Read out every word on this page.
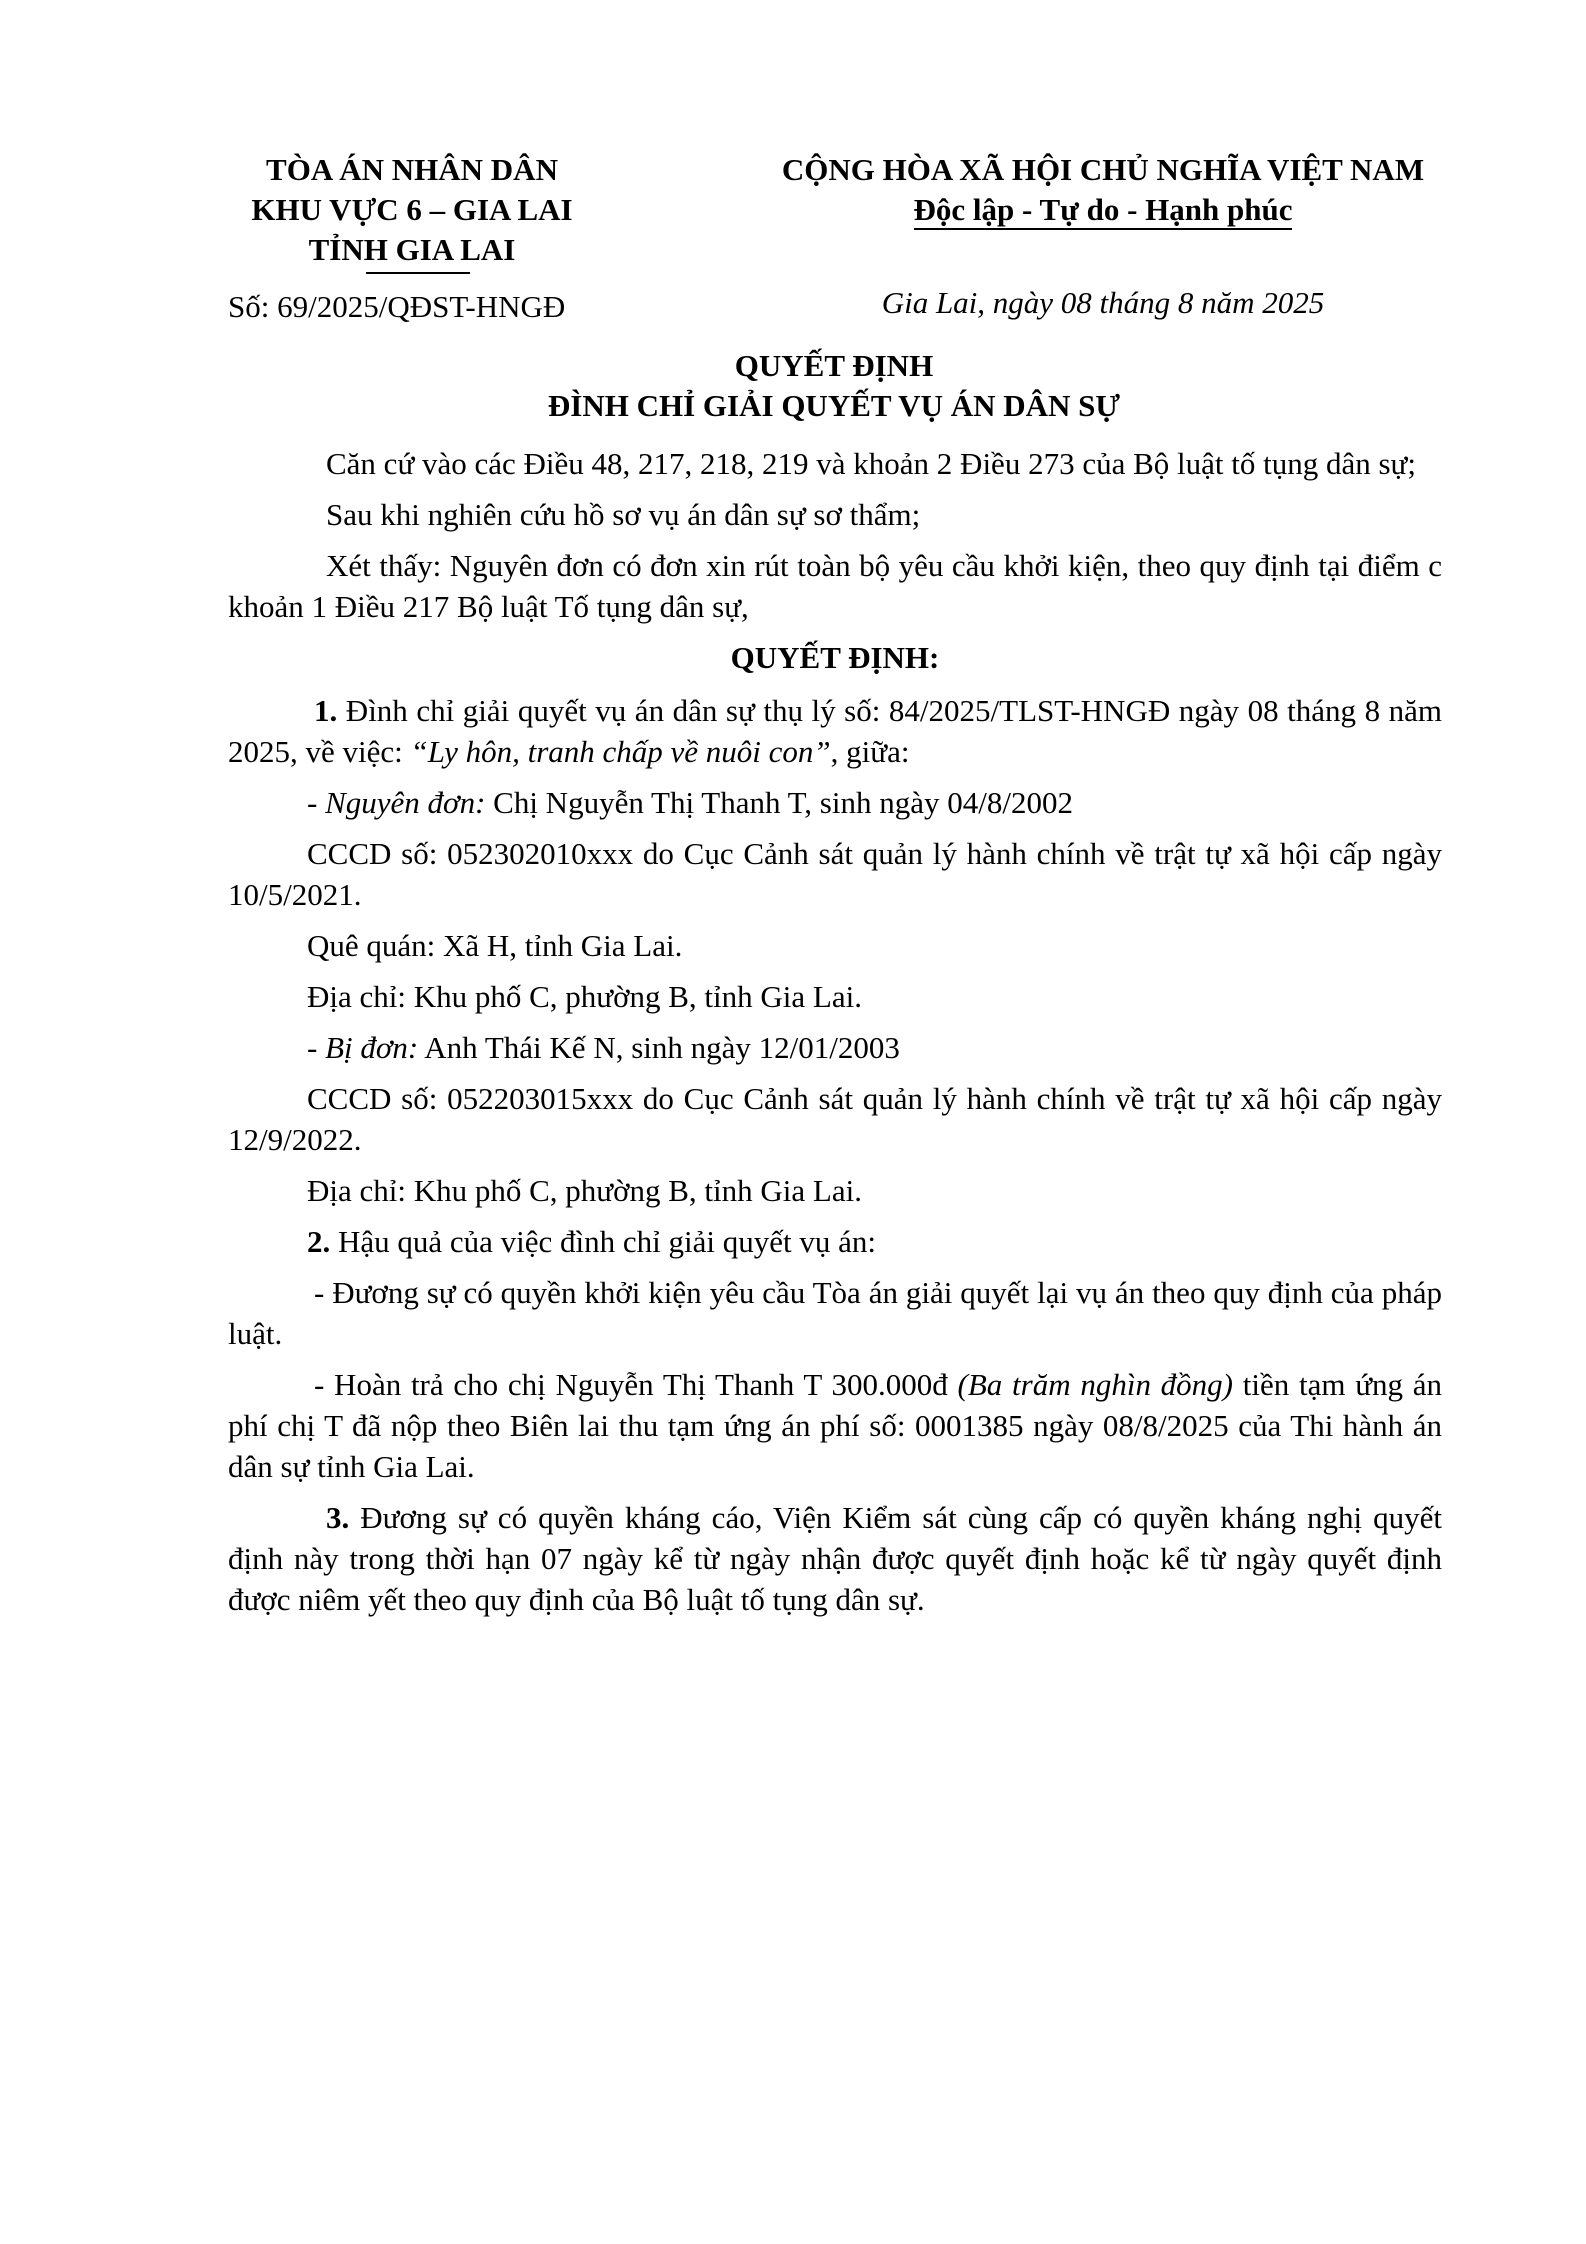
TÒA ÁN NHÂN DÂN
KHU VỰC 6 – GIA LAI
TỈNH GIA LAI
CỘNG HÒA XÃ HỘI CHỦ NGHĨA VIỆT NAM
Độc lập - Tự do - Hạnh phúc
Số: 69/2025/QĐST-HNGĐ	Gia Lai, ngày 08 tháng 8 năm 2025
QUYẾT ĐỊNH
ĐÌNH CHỈ GIẢI QUYẾT VỤ ÁN DÂN SỰ

Căn cứ vào các Điều 48, 217, 218, 219 và khoản 2 Điều 273 của Bộ luật tố tụng dân sự;

Sau khi nghiên cứu hồ sơ vụ án dân sự sơ thẩm;

Xét thấy: Nguyên đơn có đơn xin rút toàn bộ yêu cầu khởi kiện, theo quy định tại điểm c khoản 1 Điều 217 Bộ luật Tố tụng dân sự,

QUYẾT ĐỊNH:

1. Đình chỉ giải quyết vụ án dân sự thụ lý số: 84/2025/TLST-HNGĐ ngày 08 tháng 8 năm 2025, về việc: “Ly hôn, tranh chấp về nuôi con”, giữa:

- Nguyên đơn: Chị Nguyễn Thị Thanh T, sinh ngày 04/8/2002

CCCD số: 052302010xxx do Cục Cảnh sát quản lý hành chính về trật tự xã hội cấp ngày 10/5/2021.

Quê quán: Xã H, tỉnh Gia Lai.

Địa chỉ: Khu phố C, phường B, tỉnh Gia Lai.

- Bị đơn: Anh Thái Kế N, sinh ngày 12/01/2003

CCCD số: 052203015xxx do Cục Cảnh sát quản lý hành chính về trật tự xã hội cấp ngày 12/9/2022.

Địa chỉ: Khu phố C, phường B, tỉnh Gia Lai.

2. Hậu quả của việc đình chỉ giải quyết vụ án:

- Đương sự có quyền khởi kiện yêu cầu Tòa án giải quyết lại vụ án theo quy định của pháp luật.

- Hoàn trả cho chị Nguyễn Thị Thanh T 300.000đ (Ba trăm nghìn đồng) tiền tạm ứng án phí chị T đã nộp theo Biên lai thu tạm ứng án phí số: 0001385 ngày 08/8/2025 của Thi hành án dân sự tỉnh Gia Lai.

3. Đương sự có quyền kháng cáo, Viện Kiểm sát cùng cấp có quyền kháng nghị quyết định này trong thời hạn 07 ngày kể từ ngày nhận được quyết định hoặc kể từ ngày quyết định được niêm yết theo quy định của Bộ luật tố tụng dân sự.
